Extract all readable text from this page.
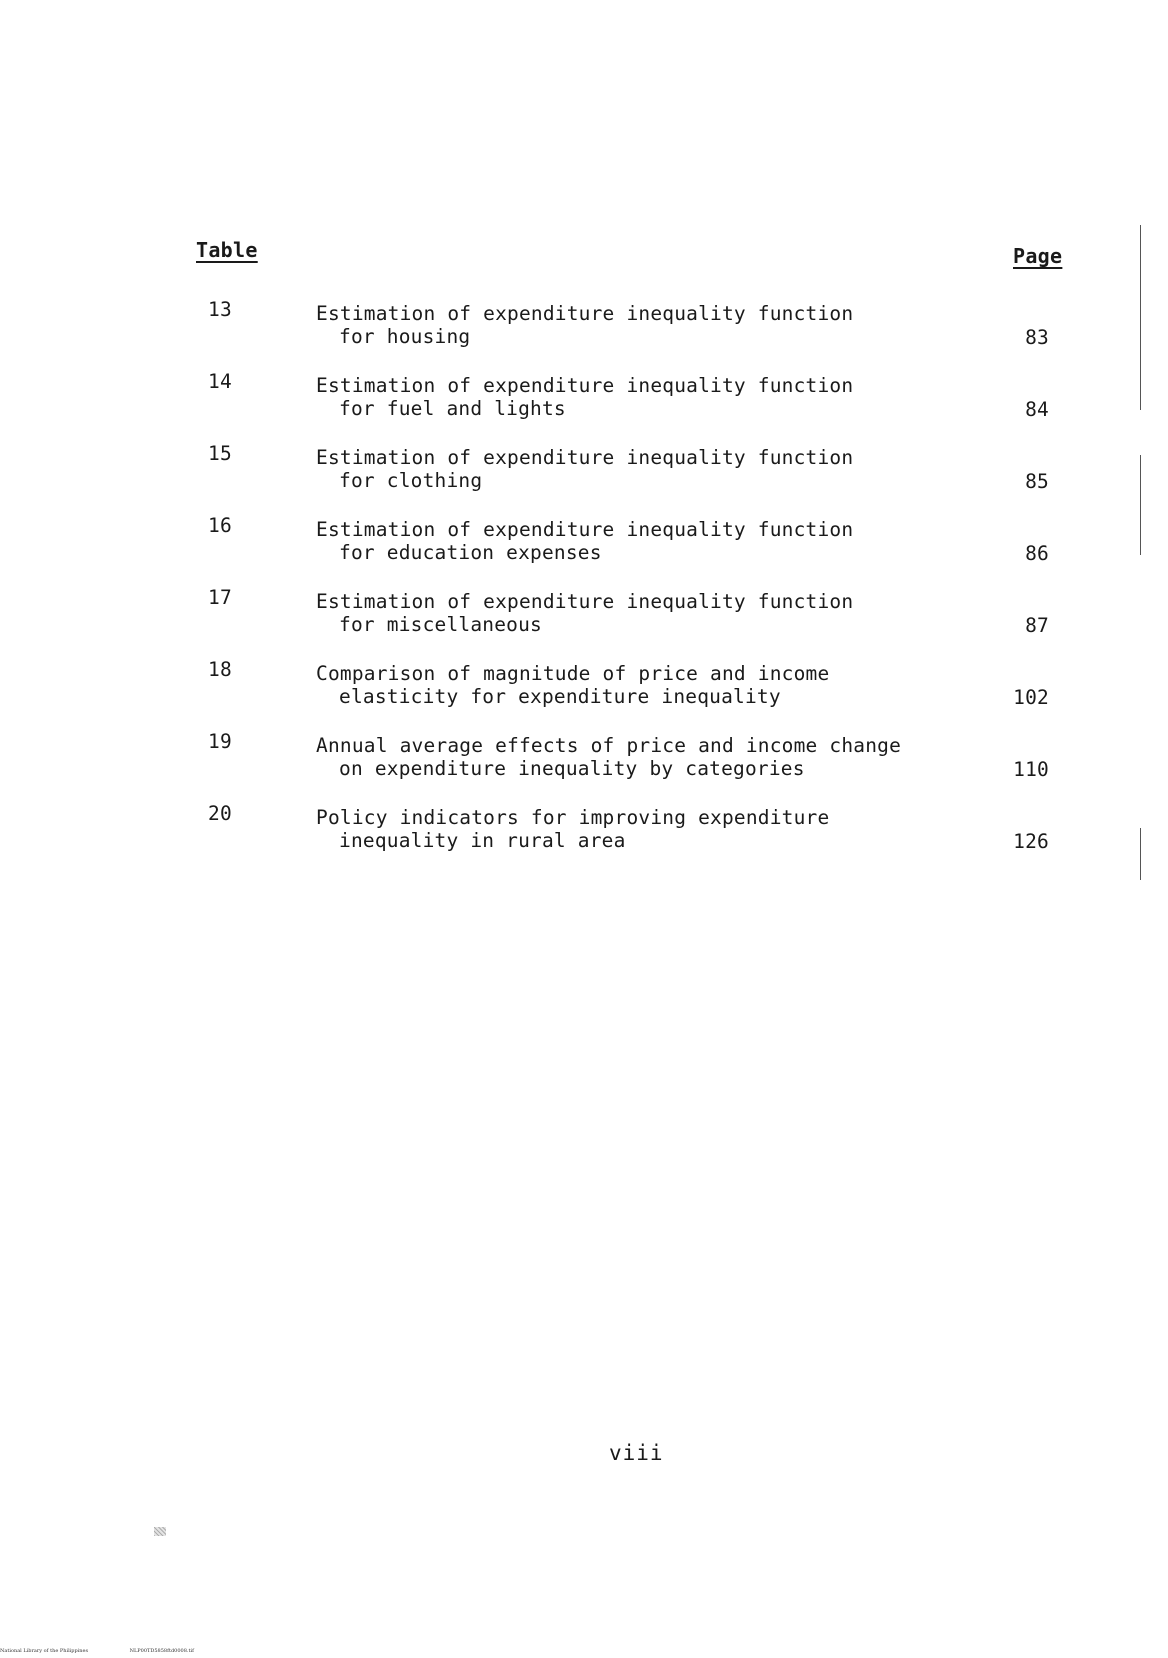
Table	Page
13	Estimation of expenditure inequality function
for housing	83
14	Estimation of expenditure inequality function
for fuel and lights	84
15	Estimation of expenditure inequality function
for clothing	85
16	Estimation of expenditure inequality function
for education expenses	86
17	Estimation of expenditure inequality function
for miscellaneous	87
18	Comparison of magnitude of price and income
elasticity for expenditure inequality	102
19	Annual average effects of price and income change
on expenditure inequality by categories	110
20	Policy indicators for improving expenditure
inequality in rural area	126
viii
National Library of the Philippines	NLP00TD5858ftd0008.tif
